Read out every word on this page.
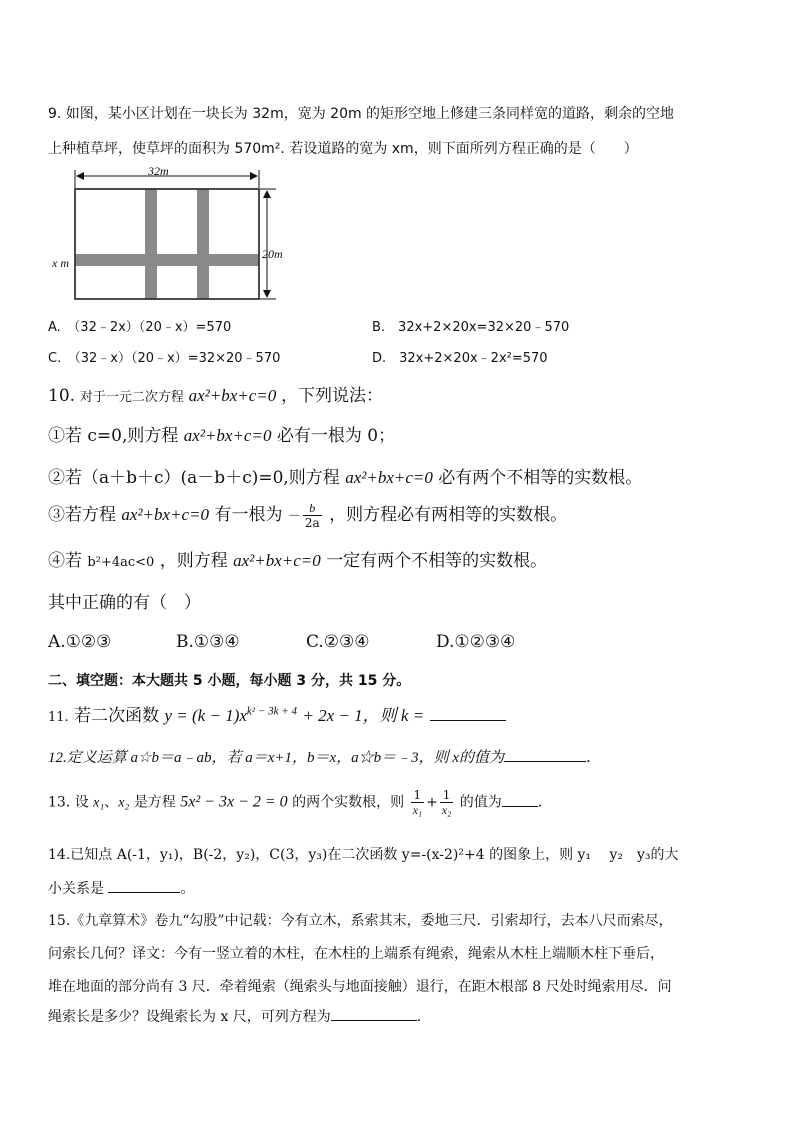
9. 如图，某小区计划在一块长为 32m，宽为 20m 的矩形空地上修建三条同样宽的道路，剩余的空地
上种植草坪，使草坪的面积为 570m². 若设道路的宽为 xm，则下面所列方程正确的是（　　）
32m
20m
x m
A.　（32﹣2x）（20﹣x）=570	B.　32x+2×20x=32×20﹣570
C.　（32﹣x）（20﹣x）=32×20﹣570	D.　32x+2×20x﹣2x²=570
10. 对于一元二次方程 ax²+bx+c=0 ，下列说法：
①若 c=0,则方程 ax²+bx+c=0 必有一根为 0；
②若（a＋b＋c）(a－b＋c)=0,则方程 ax²+bx+c=0 必有两个不相等的实数根。
③若方程 ax²+bx+c=0 有一根为 － $\frac{b}{2a}$ ，则方程必有两相等的实数根。
④若 b²+4ac<0 ，则方程 ax²+bx+c=0 一定有两个不相等的实数根。
其中正确的有（　）
A.①②③	B.①③④	C.②③④	D.①②③④
二、填空题：本大题共 5 小题，每小题 3 分，共 15 分。
11. 若二次函数 $y = (k - 1)x^{k^2 - 3k + 4} + 2x - 1$，则 k =
12.定义运算 a☆b＝a﹣ab，若 a＝x+1，b＝x，a☆b＝﹣3，则 x的值为	.
13. 设 x₁、x₂ 是方程 5x² − 3x − 2 = 0 的两个实数根，则 $\frac{1}{\text{x₁}} + \frac{1}{\text{x₂}}$ 的值为	.
14.已知点 A(-1，y₁)，B(-2，y₂)，C(3，y₃)在二次函数 y=-(x-2)²+4 的图象上，则 y₁　 y₂　y₃的大
小关系是	。
15.《九章算术》卷九“勾股”中记载：今有立木，系索其末，委地三尺．引索却行，去本八尺而索尽，
问索长几何？译文：今有一竖立着的木柱，在木柱的上端系有绳索，绳索从木柱上端顺木柱下垂后，
堆在地面的部分尚有 3 尺．牵着绳索（绳索头与地面接触）退行，在距木根部 8 尺处时绳索用尽．问
绳索长是多少？设绳索长为 x 尺，可列方程为	.
